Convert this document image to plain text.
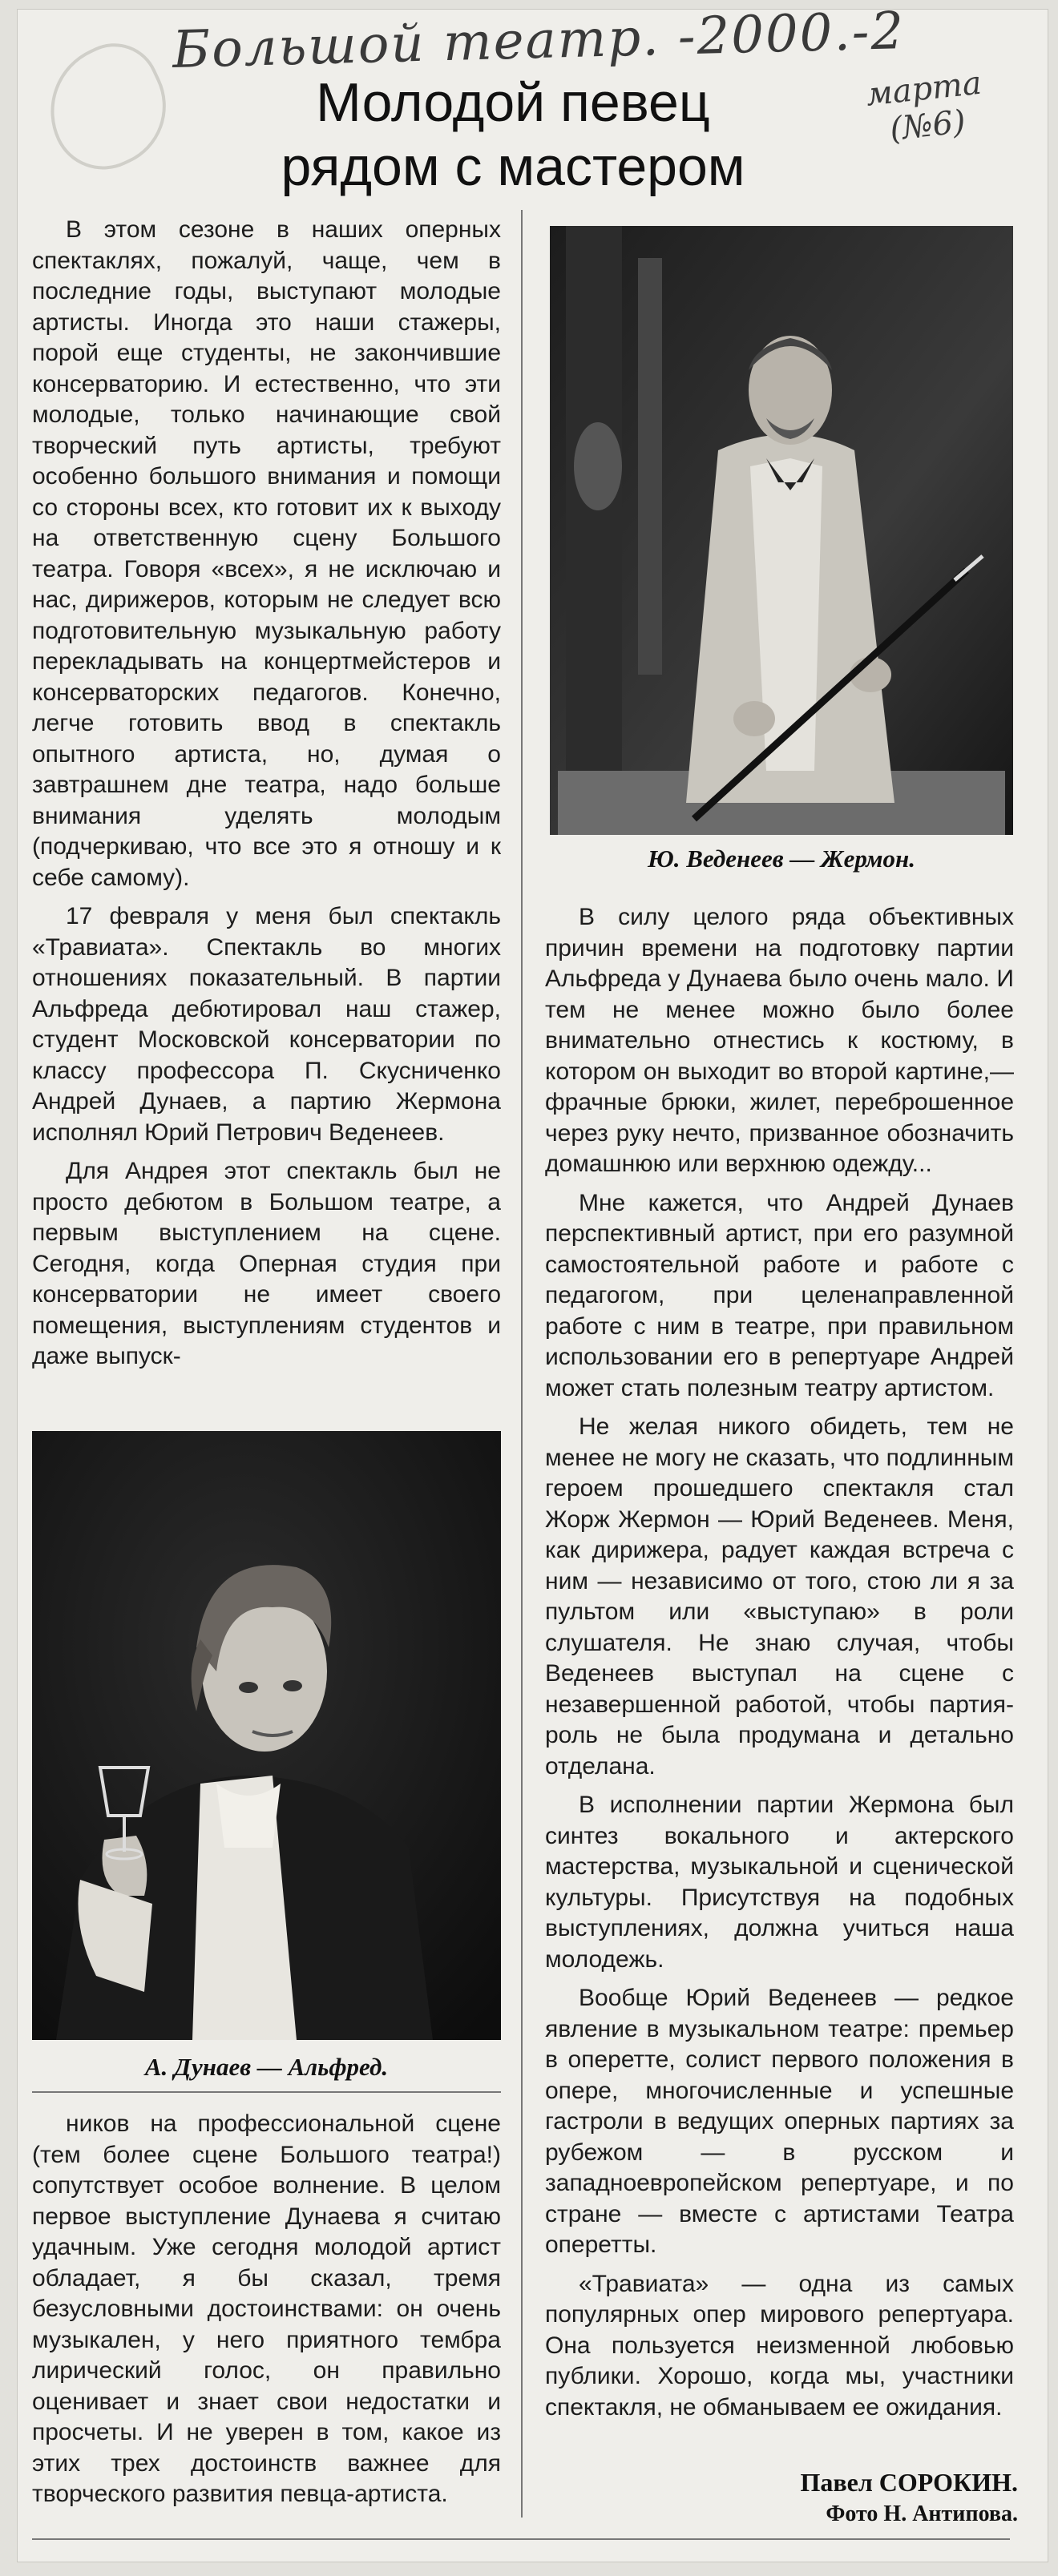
Большой театр. -2000.-2
марта
(№6)
Молодой певец
рядом с мастером

В этом сезоне в наших оперных спектаклях, пожалуй, чаще, чем в последние годы, выступают молодые артисты. Иногда это наши стажеры, порой еще студенты, не закончившие консерваторию. И естественно, что эти молодые, только начинающие свой творческий путь артисты, требуют особенно большого внимания и помощи со стороны всех, кто готовит их к выходу на ответственную сцену Большого театра. Говоря «всех», я не исключаю и нас, дирижеров, которым не следует всю подготовительную музыкальную работу перекладывать на концертмейстеров и консерваторских педагогов. Конечно, легче готовить ввод в спектакль опытного артиста, но, думая о завтрашнем дне театра, надо больше внимания уделять молодым (подчеркиваю, что все это я отношу и к себе самому).

17 февраля у меня был спектакль «Травиата». Спектакль во многих отношениях показательный. В партии Альфреда дебютировал наш стажер, студент Московской консерватории по классу профессора П. Скусниченко Андрей Дунаев, а партию Жермона исполнял Юрий Петрович Веденеев.

Для Андрея этот спектакль был не просто дебютом в Большом театре, а первым выступлением на сцене. Сегодня, когда Оперная студия при консерватории не имеет своего помещения, выступлениям студентов и даже выпуск-

Ю. Веденеев — Жермон.

В силу целого ряда объективных причин времени на подготовку партии Альфреда у Дунаева было очень мало. И тем не менее можно было более внимательно отнестись к костюму, в котором он выходит во второй картине,— фрачные брюки, жилет, переброшенное через руку нечто, призванное обозначить домашнюю или верхнюю одежду...

Мне кажется, что Андрей Дунаев перспективный артист, при его разумной самостоятельной работе и работе с педагогом, при целенаправленной работе с ним в театре, при правильном использовании его в репертуаре Андрей может стать полезным театру артистом.

Не желая никого обидеть, тем не менее не могу не сказать, что подлинным героем прошедшего спектакля стал Жорж Жермон — Юрий Веденеев. Меня, как дирижера, радует каждая встреча с ним — независимо от того, стою ли я за пультом или «выступаю» в роли слушателя. Не знаю случая, чтобы Веденеев выступал на сцене с незавершенной работой, чтобы партия-роль не была продумана и детально отделана.

В исполнении партии Жермона был синтез вокального и актерского мастерства, музыкальной и сценической культуры. Присутствуя на подобных выступлениях, должна учиться наша молодежь.

Вообще Юрий Веденеев — редкое явление в музыкальном театре: премьер в оперетте, солист первого положения в опере, многочисленные и успешные гастроли в ведущих оперных партиях за рубежом — в русском и западноевропейском репертуаре, и по стране — вместе с артистами Театра оперетты.

«Травиата» — одна из самых популярных опер мирового репертуара. Она пользуется неизменной любовью публики. Хорошо, когда мы, участники спектакля, не обманываем ее ожидания.

А. Дунаев — Альфред.

ников на профессиональной сцене (тем более сцене Большого театра!) сопутствует особое волнение. В целом первое выступление Дунаева я считаю удачным. Уже сегодня молодой артист обладает, я бы сказал, тремя безусловными достоинствами: он очень музыкален, у него приятного тембра лирический голос, он правильно оценивает и знает свои недостатки и просчеты. И не уверен в том, какое из этих трех достоинств важнее для творческого развития певца-артиста.	Павел СОРОКИН.
Фото Н. Антипова.
